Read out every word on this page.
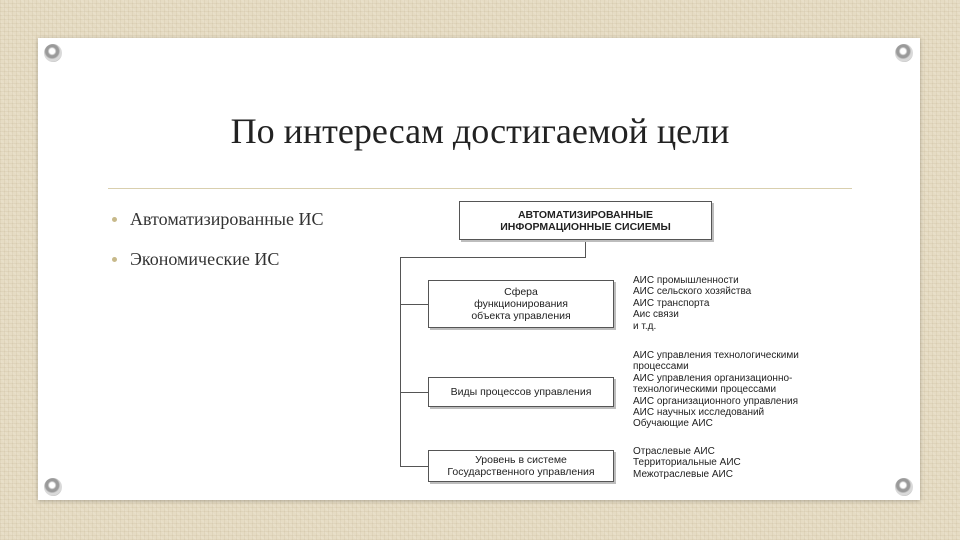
По интересам достигаемой цели
Автоматизированные ИС
Экономические ИС
АВТОМАТИЗИРОВАННЫЕ
ИНФОРМАЦИОННЫЕ СИСИЕМЫ
Сфера
функционирования
объекта управления
Виды процессов управления
Уровень в системе
Государственного управления
АИС промышленности
АИС сельского хозяйства
АИС транспорта
Аис связи
и т.д.
АИС управления технологическими
процессами
АИС управления организационно-
технологическими процессами
АИС организационного управления
АИС научных исследований
Обучающие АИС
Отраслевые АИС
Территориальные АИС
Межотраслевые АИС
